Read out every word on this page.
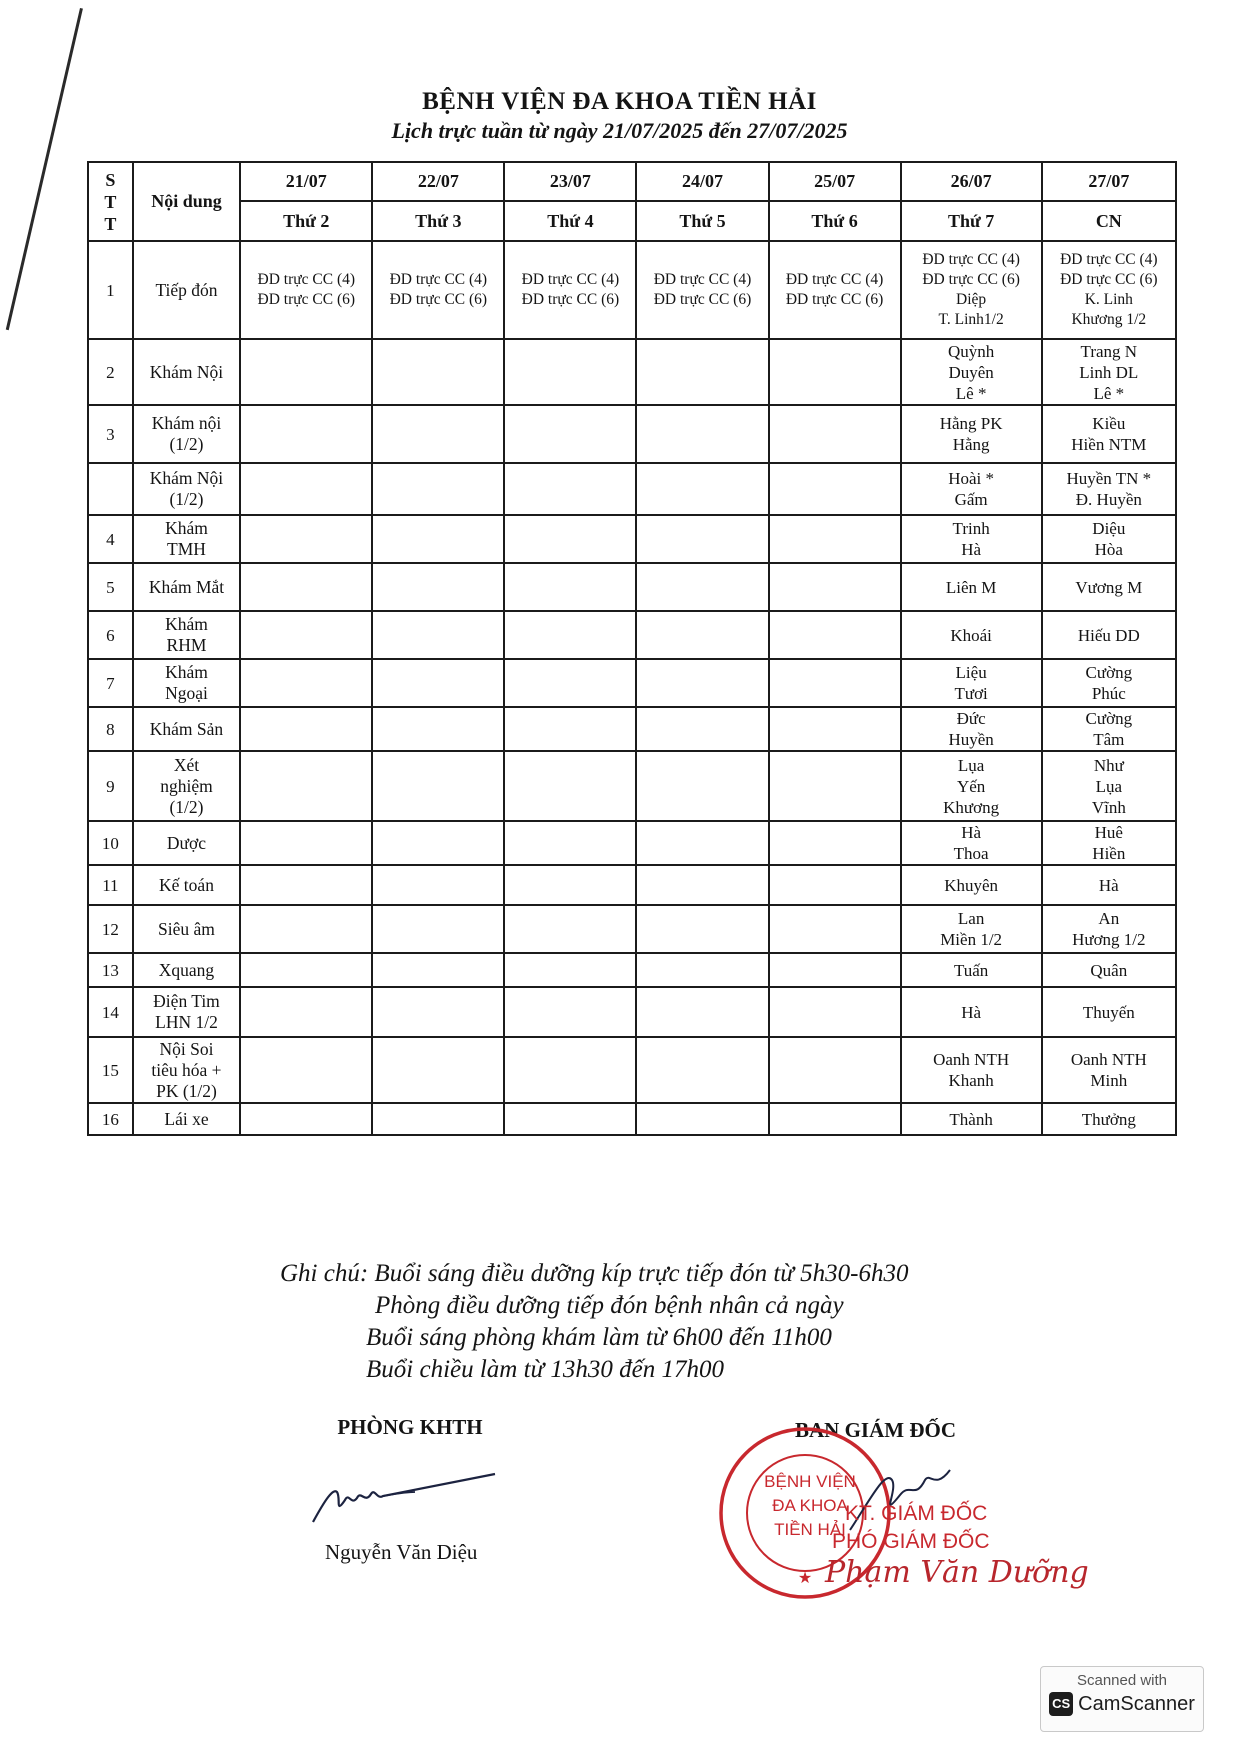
BỆNH VIỆN ĐA KHOA TIỀN HẢI
Lịch trực tuần từ ngày 21/07/2025 đến 27/07/2025
S
T
T	Nội dung	21/07	22/07	23/07	24/07	25/07	26/07	27/07
		Thứ 2	Thứ 3	Thứ 4	Thứ 5	Thứ 6	Thứ 7	CN
1	Tiếp đón	ĐD trực CC (4)
ĐD trực CC (6)	ĐD trực CC (4)
ĐD trực CC (6)	ĐD trực CC (4)
ĐD trực CC (6)	ĐD trực CC (4)
ĐD trực CC (6)	ĐD trực CC (4)
ĐD trực CC (6)	ĐD trực CC (4)
ĐD trực CC (6)
Diệp
T. Linh1/2	ĐD trực CC (4)
ĐD trực CC (6)
K. Linh
Khương 1/2
2	Khám Nội						Quỳnh
Duyên
Lê *	Trang N
Linh DL
Lê *
3	Khám nội
(1/2)						Hằng PK
Hằng	Kiều
Hiền NTM
	Khám Nội
(1/2)						Hoài *
Gấm	Huyền TN *
Đ. Huyền
4	Khám
TMH						Trinh
Hà	Diệu
Hòa
5	Khám Mắt						Liên M	Vương M
6	Khám
RHM						Khoái	Hiếu DD
7	Khám
Ngoại						Liệu
Tươi	Cường
Phúc
8	Khám Sản						Đức
Huyền	Cường
Tâm
9	Xét
nghiệm
(1/2)						Lụa
Yến
Khương	Như
Lụa
Vĩnh
10	Dược						Hà
Thoa	Huê
Hiền
11	Kế toán						Khuyên	Hà
12	Siêu âm						Lan
Miền 1/2	An
Hương 1/2
13	Xquang						Tuấn	Quân
14	Điện Tim
LHN 1/2						Hà	Thuyến
15	Nội Soi
tiêu hóa +
PK (1/2)						Oanh NTH
Khanh	Oanh NTH
Minh
16	Lái xe						Thành	Thưởng
Ghi chú: Buổi sáng điều dưỡng kíp trực tiếp đón từ 5h30-6h30
Phòng điều dưỡng tiếp đón bệnh nhân cả ngày
Buổi sáng phòng khám làm từ 6h00 đến 11h00
Buổi chiều làm từ 13h30 đến 17h00
PHÒNG KHTH
Nguyễn Văn Diệu
BAN GIÁM ĐỐC
★
BỆNH VIỆN
ĐA KHOA
TIỀN HẢI
KT. GIÁM ĐỐC
PHÓ GIÁM ĐỐC
Phạm Văn Dưỡng
Scanned with
CS CamScanner
